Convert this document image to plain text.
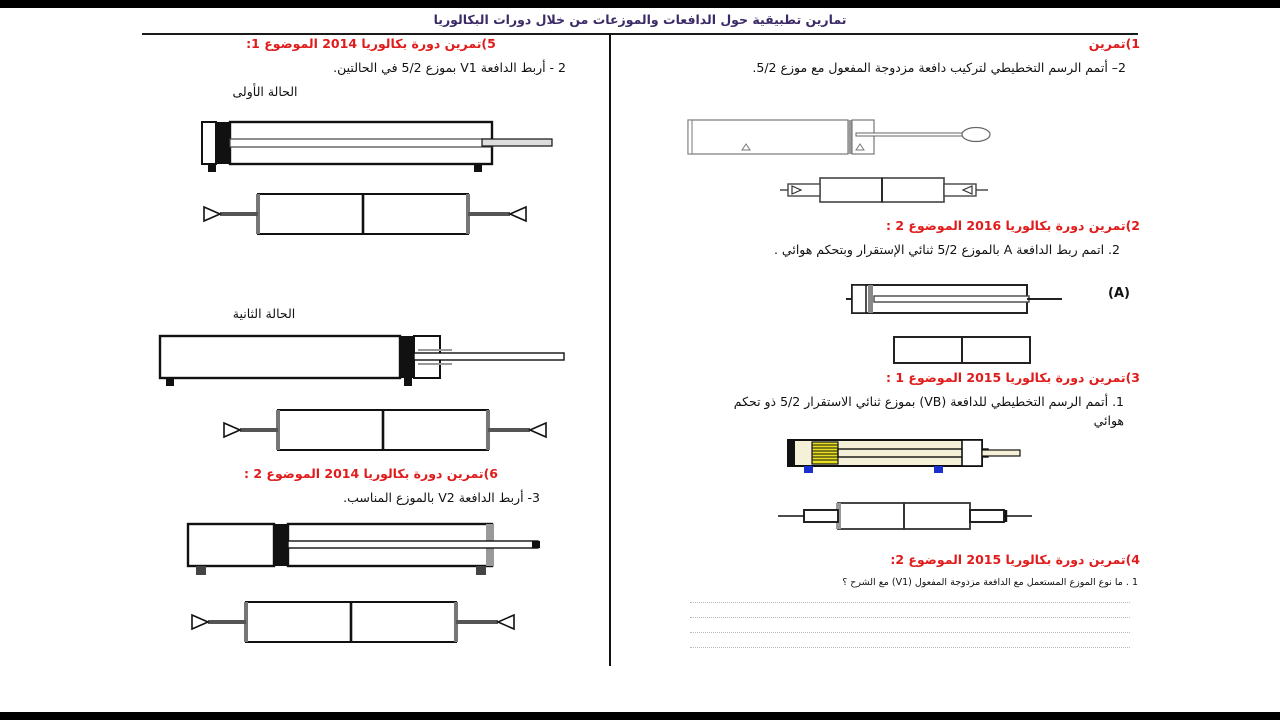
تمارين تطبيقية حول الدافعات والموزعات من خلال دورات البكالوريا
1)تمرين
2– أتمم الرسم التخطيطي لتركيب دافعة مزدوجة المفعول مع موزع 5/2.
2)تمرين دورة بكالوريا 2016 الموضوع 2 :
2. اتمم ربط الدافعة A بالموزع 5/2 ثنائي الإستقرار وبتحكم هوائي .
(A)
3)تمرين دورة بكالوريا 2015 الموضوع 1 :
1. أتمم الرسم التخطيطي للدافعة (VB) بموزع ثنائي الاستقرار 5/2 ذو تحكم هوائي
4)تمرين دورة بكالوريا 2015 الموضوع 2:
1 . ما نوع الموزع المستعمل مع الدافعة مزدوجة المفعول (V1) مع الشرح ؟
5)تمرين دورة بكالوريا 2014 الموضوع 1:
2 - أربط الدافعة V1 بموزع 5/2 في الحالتين.
الحالة الأولى
الحالة الثانية
6)تمرين دورة بكالوريا 2014 الموضوع 2 :
3- أربط الدافعة V2 بالموزع المناسب.
